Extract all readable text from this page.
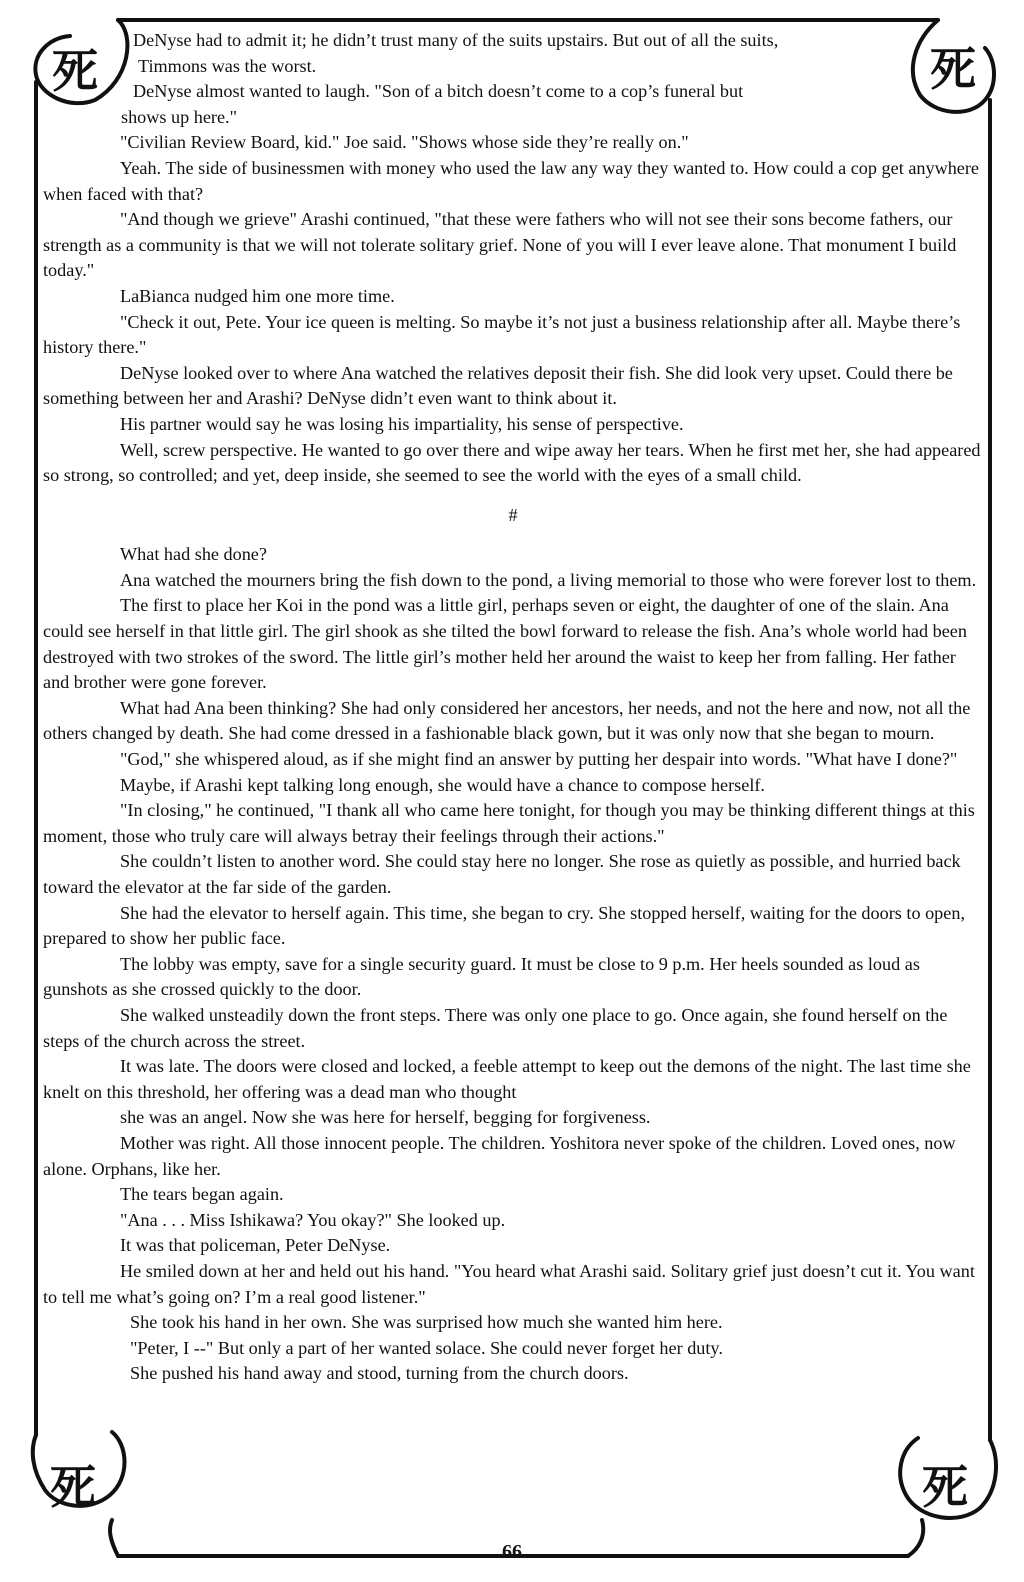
死	死
死	死

DeNyse had to admit it; he didn’t trust many of the suits upstairs. But out of all the suits,

Timmons was the worst.

DeNyse almost wanted to laugh. "Son of a bitch doesn’t come to a cop’s funeral but

shows up here."

"Civilian Review Board, kid." Joe said. "Shows whose side they’re really on."

Yeah. The side of businessmen with money who used the law any way they wanted to. How could a cop get anywhere when faced with that?

"And though we grieve" Arashi continued, "that these were fathers who will not see their sons become fathers, our strength as a community is that we will not tolerate solitary grief. None of you will I ever leave alone. That monument I build today."

LaBianca nudged him one more time.

"Check it out, Pete. Your ice queen is melting. So maybe it’s not just a business relationship after all. Maybe there’s history there."

DeNyse looked over to where Ana watched the relatives deposit their fish. She did look very upset. Could there be something between her and Arashi? DeNyse didn’t even want to think about it.

His partner would say he was losing his impartiality, his sense of perspective.

Well, screw perspective. He wanted to go over there and wipe away her tears. When he first met her, she had appeared so strong, so controlled; and yet, deep inside, she seemed to see the world with the eyes of a small child.

#

What had she done?

Ana watched the mourners bring the fish down to the pond, a living memorial to those who were forever lost to them.

The first to place her Koi in the pond was a little girl, perhaps seven or eight, the daughter of one of the slain. Ana could see herself in that little girl. The girl shook as she tilted the bowl forward to release the fish. Ana’s whole world had been destroyed with two strokes of the sword. The little girl’s mother held her around the waist to keep her from falling. Her father and brother were gone forever.

What had Ana been thinking? She had only considered her ancestors, her needs, and not the here and now, not all the others changed by death. She had come dressed in a fashionable black gown, but it was only now that she began to mourn.

"God," she whispered aloud, as if she might find an answer by putting her despair into words. "What have I done?"

Maybe, if Arashi kept talking long enough, she would have a chance to compose herself.

"In closing," he continued, "I thank all who came here tonight, for though you may be thinking different things at this moment, those who truly care will always betray their feelings through their actions."

She couldn’t listen to another word. She could stay here no longer. She rose as quietly as possible, and hurried back toward the elevator at the far side of the garden.

She had the elevator to herself again. This time, she began to cry. She stopped herself, waiting for the doors to open, prepared to show her public face.

The lobby was empty, save for a single security guard. It must be close to 9 p.m. Her heels sounded as loud as gunshots as she crossed quickly to the door.

She walked unsteadily down the front steps. There was only one place to go. Once again, she found herself on the steps of the church across the street.

It was late. The doors were closed and locked, a feeble attempt to keep out the demons of the night. The last time she knelt on this threshold, her offering was a dead man who thought

she was an angel. Now she was here for herself, begging for forgiveness.

Mother was right. All those innocent people. The children. Yoshitora never spoke of the children. Loved ones, now alone. Orphans, like her.

The tears began again.

"Ana . . . Miss Ishikawa? You okay?" She looked up.

It was that policeman, Peter DeNyse.

He smiled down at her and held out his hand. "You heard what Arashi said. Solitary grief just doesn’t cut it. You want to tell me what’s going on? I’m a real good listener."

She took his hand in her own. She was surprised how much she wanted him here.

"Peter, I --" But only a part of her wanted solace. She could never forget her duty.

She pushed his hand away and stood, turning from the church doors.

66
